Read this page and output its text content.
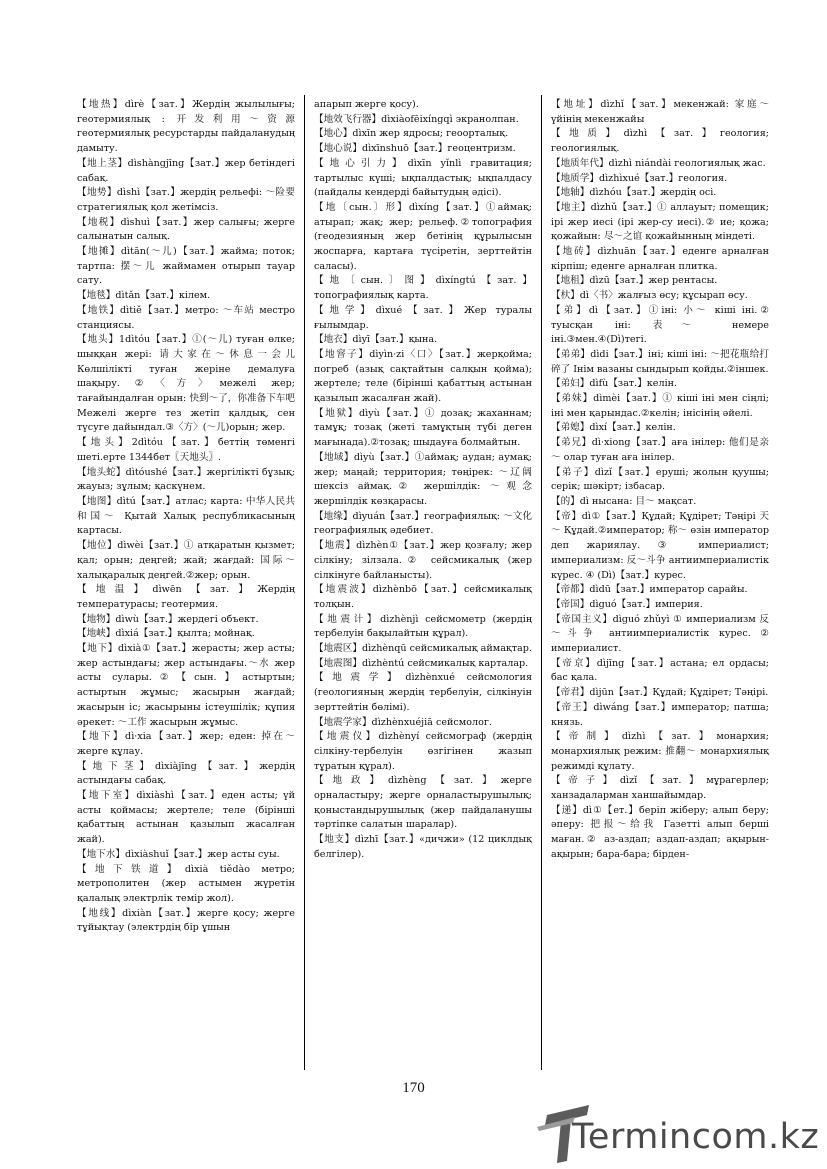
【地热】dìrè【зат.】Жердің жылылығы; геотермиялық : 开发利用～资源 геотермиялық ресурстарды пайдаланудың дамыту.

【地上茎】dìshàngjīng【зат.】жер бетіндегі сабақ.

【地势】dìshì【зат.】жердің рельефі: ～险要 стратегиялық қол жетімсіз.

【地税】dìshuì【зат.】жер салығы; жерге салынатын салық.

【地摊】dìtān(～儿)【зат.】жайма; поток; тартпа: 摆～儿 жаймамен отырып тауар сату.

【地毯】dìtǎn【зат.】кілем.

【地铁】dìtiě【зат.】метро: ～车站 местро станциясы.

【地头】1dìtóu【зат.】①(～儿) туған өлке; шыққан жері: 请大家在～休息一会儿 Көлшілікті туған жеріне демалуға шақыру. ②〈方〉межелі жер; тағайындалған орын: 快到～了，你准备下车吧 Межелі жерге тез жетіп қалдық, сен түсуге дайындал.③〈方〉(～儿)орын; жер.

【地头】2dìtóu【зат.】беттің төменгі шеті.ерте 1344бет〖天地头〗.

【地头蛇】dìtóushé【зат.】жергілікті бұзық; жауыз; зұлым; қаскүнем.

【地图】dìtú【зат.】атлас; карта: 中华人民共和国～ Қытай Халық республикасының картасы.

【地位】dìwèi【зат.】① атқаратын қызмет; қал; орын; деңгей; жай; жағдай: 国际～ халықаралық деңгей.②жер; орын.

【地温】dìwēn【зат.】Жердің температурасы; геотермия.

【地物】dìwù【зат.】жердегі объект.

【地峡】dìxiá【зат.】қылта; мойнақ.

【地下】dìxià①【зат.】жерасты; жер асты; жер астындағы; жер астындағы.～水 жер асты сулары.②【сын.】астыртын; астыртын жұмыс; жасырын жағдай; жасырын іс; жасырыны істеушілік; құпия әрекет: ～工作 жасырын жұмыс.

【地下】dì·xia【зат.】жер; еден: 掉在～ жерге құлау.

【地下茎】dìxiàjīng【зат.】жердің астындағы сабақ.

【地下室】dìxiàshì【зат.】еден асты; үй асты қоймасы; жертеле; теле (бірінші қабаттың астынан қазылып жасалған жай).

【地下水】dìxiàshuǐ【зат.】жер асты суы.

【地下铁道】dìxià tiědào метро; метрополитен (жер астымен жүретін қалалық электрлік темір жол).

【地线】dìxiàn【зат.】жерге қосу; жерге тұйықтау (электрдің бір ұшын

апарып жерге қосу).

【地效飞行器】dìxiàofēixíngqì экранолпан.

【地心】dìxīn жер ядросы; геоорталық.

【地心说】dìxīnshuō【зат.】геоцентризм.

【地心引力】dìxīn yǐnlì гравитация; тартылыс күші; ықпалдастық; ықпалдасу (пайдалы кендерді байытудың әдісі).

【地〔сын.〕形】dìxíng【зат.】①аймақ; атырап; жақ; жер; рельеф.②топография (геодезияның жер бетінің құрылысын жоспарға, картаға түсіретін, зерттейтін саласы).

【地〔сын.〕图】dìxíngtú【зат.】топографиялық карта.

【地学】dìxué【зат.】Жер туралы ғылымдар.

【地衣】dìyī【зат.】қына.

【地窨子】dìyìn·zi〈口〉【зат.】жерқойма; погреб (азық сақтайтын салқын қойма); жертеле; теле (бірінші қабаттың астынан қазылып жасалған жай).

【地狱】dìyù【зат.】① дозақ; жаханнам; тамұқ; тозақ (жеті тамұқтың түбі деген мағынада).②тозақ; шыдауға болмайтын.

【地域】dìyù【зат.】①аймақ; аудан; аумақ; жер; маңай; территория; төңірек: ～辽阔 шексіз аймақ.② жершілдік: ～观念 жершілдік көзқарасы.

【地缘】dìyuán【зат.】географиялық: ～文化 географиялық әдебиет.

【地震】dìzhèn①【зат.】жер қозғалу; жер сілкіну; зілзала.② сейсмикалық (жер сілкінуге байланысты).

【地震波】dìzhènbō【зат.】сейсмикалық толқын.

【地震计】dìzhènjì сейсмометр (жердің тербелуін бақылайтын құрал).

【地震区】dìzhènqū сейсмикалық аймақтар.

【地震图】dìzhèntú сейсмикалық карталар.

【地震学】dìzhènxué сейсмология (геологияның жердің тербелуін, сілкінуін зерттейтін бөлімі).

【地震学家】dìzhènxuéjiā сейсмолог.

【地震仪】dìzhènyí сейсмограф (жердің сілкіну-тербелуін өзгігінен жазып тұратын құрал).

【地政】dìzhèng【зат.】жерге орналастыру; жерге орналастырушылық; қоныстандырушылық (жер пайдаланушы тәртіпке салатын шаралар).

【地支】dìzhī【зат.】«дичжи» (12 циклдық белгілер).

【地址】dìzhǐ【зат.】мекенжай: 家庭～ үйінің мекенжайы

【地质】dìzhì【зат.】геология; геологиялық.

【地质年代】dìzhì niándài геологиялық жас.

【地质学】dìzhìxué【зат.】геология.

【地轴】dìzhóu【зат.】жердің осі.

【地主】dìzhǔ【зат.】① аллауыт; помещик; ірі жер иесі (ірі жер-су иесі).② ие; қожа; қожайын: 尽～之谊 қожайынның міндеті.

【地砖】dìzhuān【зат.】еденге арналған кірпіш; еденге арналған плитка.

【地租】dìzū【зат.】жер рентасы.

【杕】dì〈书〉жалғыз өсу; құсырап өсу.

【弟】dì【зат.】①іні: 小～ кіші іні.② туысқан іні: 表～ немере іні.③мен.④(Dì)тегі.

【弟弟】dìdi【зат.】іні; кіші іні: ～把花瓶给打碎了 Інім вазаны сындырып қойды.②іншек.

【弟妇】dìfù【зат.】келін.

【弟妹】dìmèi【зат.】① кіші іні мен сіңлі; іні мен қарындас.②келін; інісінің әйелі.

【弟媳】dìxí【зат.】келін.

【弟兄】dì·xiong【зат.】аға інілер: 他们是亲～ олар туған аға інілер.

【弟子】dìzǐ【зат.】еруші; жолын қуушы; серік; шәкірт; ізбасар.

【的】dì нысана: 目～ мақсат.

【帝】dì①【зат.】Құдай; Құдірет; Тәңірі 天～ Құдай.②император; 称～ өзін император деп жариялау. ③ империалист; империализм: 反～斗争 антиимпериалистік күрес. ④ (Dì)【зат.】курес.

【帝都】dìdū【зат.】император сарайы.

【帝国】dìguó【зат.】империя.

【帝国主义】dìguó zhǔyì ① империализм 反～斗争 антиимпериалистік курес. ② империалист.

【帝京】dìjīng【зат.】астана; ел ордасы; бас қала.

【帝君】dìjūn【зат.】Құдай; Құдірет; Тәңірі.

【帝王】dìwáng【зат.】император; патша; князь.

【帝制】dìzhì【зат.】монархия; монархиялық режим: 推翻～ монархиялық режимді құлату.

【帝子】dìzǐ【зат.】мұрагерлер; ханзадаларман ханшайымдар.

【递】dì①【ет.】беріп жіберу; алып беру; әперу: 把报～给我 Газетті алып берші маған.② аз-аздап; аздап-аздап; ақырын-ақырын; бара-бара; бірден-

170
Termincom.kz
